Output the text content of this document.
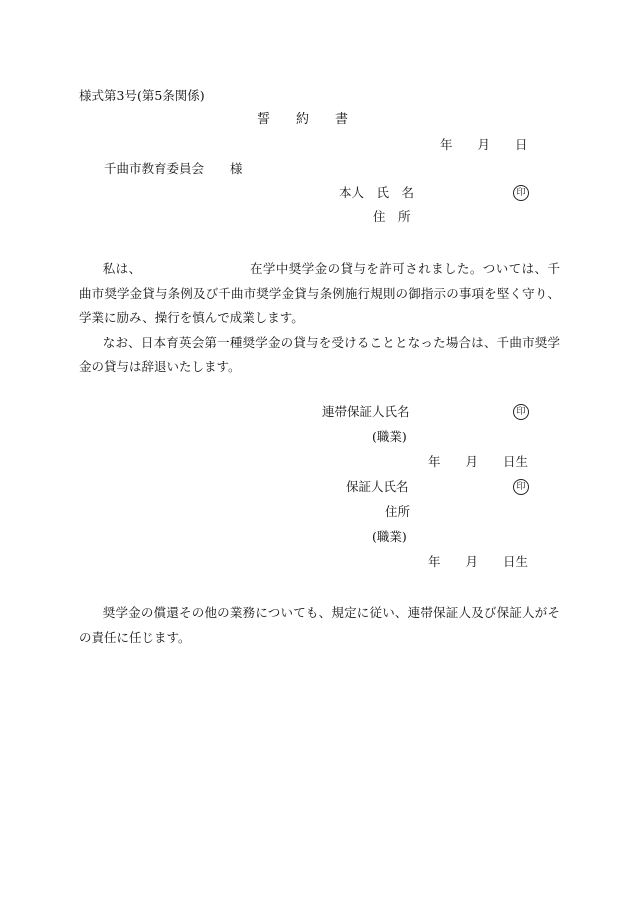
様式第3号(第5条関係)
誓　　約　　書
年　　月　　日
千曲市教育委員会 様
本人　氏　名	印
住　所

私は、	在学中奨学金の貸与を許可されました。ついては、千曲市奨学金貸与条例及び千曲市奨学金貸与条例施行規則の御指示の事項を堅く守り、学業に励み、操行を慎んで成業します。

なお、日本育英会第一種奨学金の貸与を受けることとなった場合は、千曲市奨学金の貸与は辞退いたします。

連帯保証人氏名	印
(職業)
年　　月　　日生
保証人氏名	印
住所
(職業)
年　　月　　日生

奨学金の償還その他の業務についても、規定に従い、連帯保証人及び保証人がその責任に任じます。
